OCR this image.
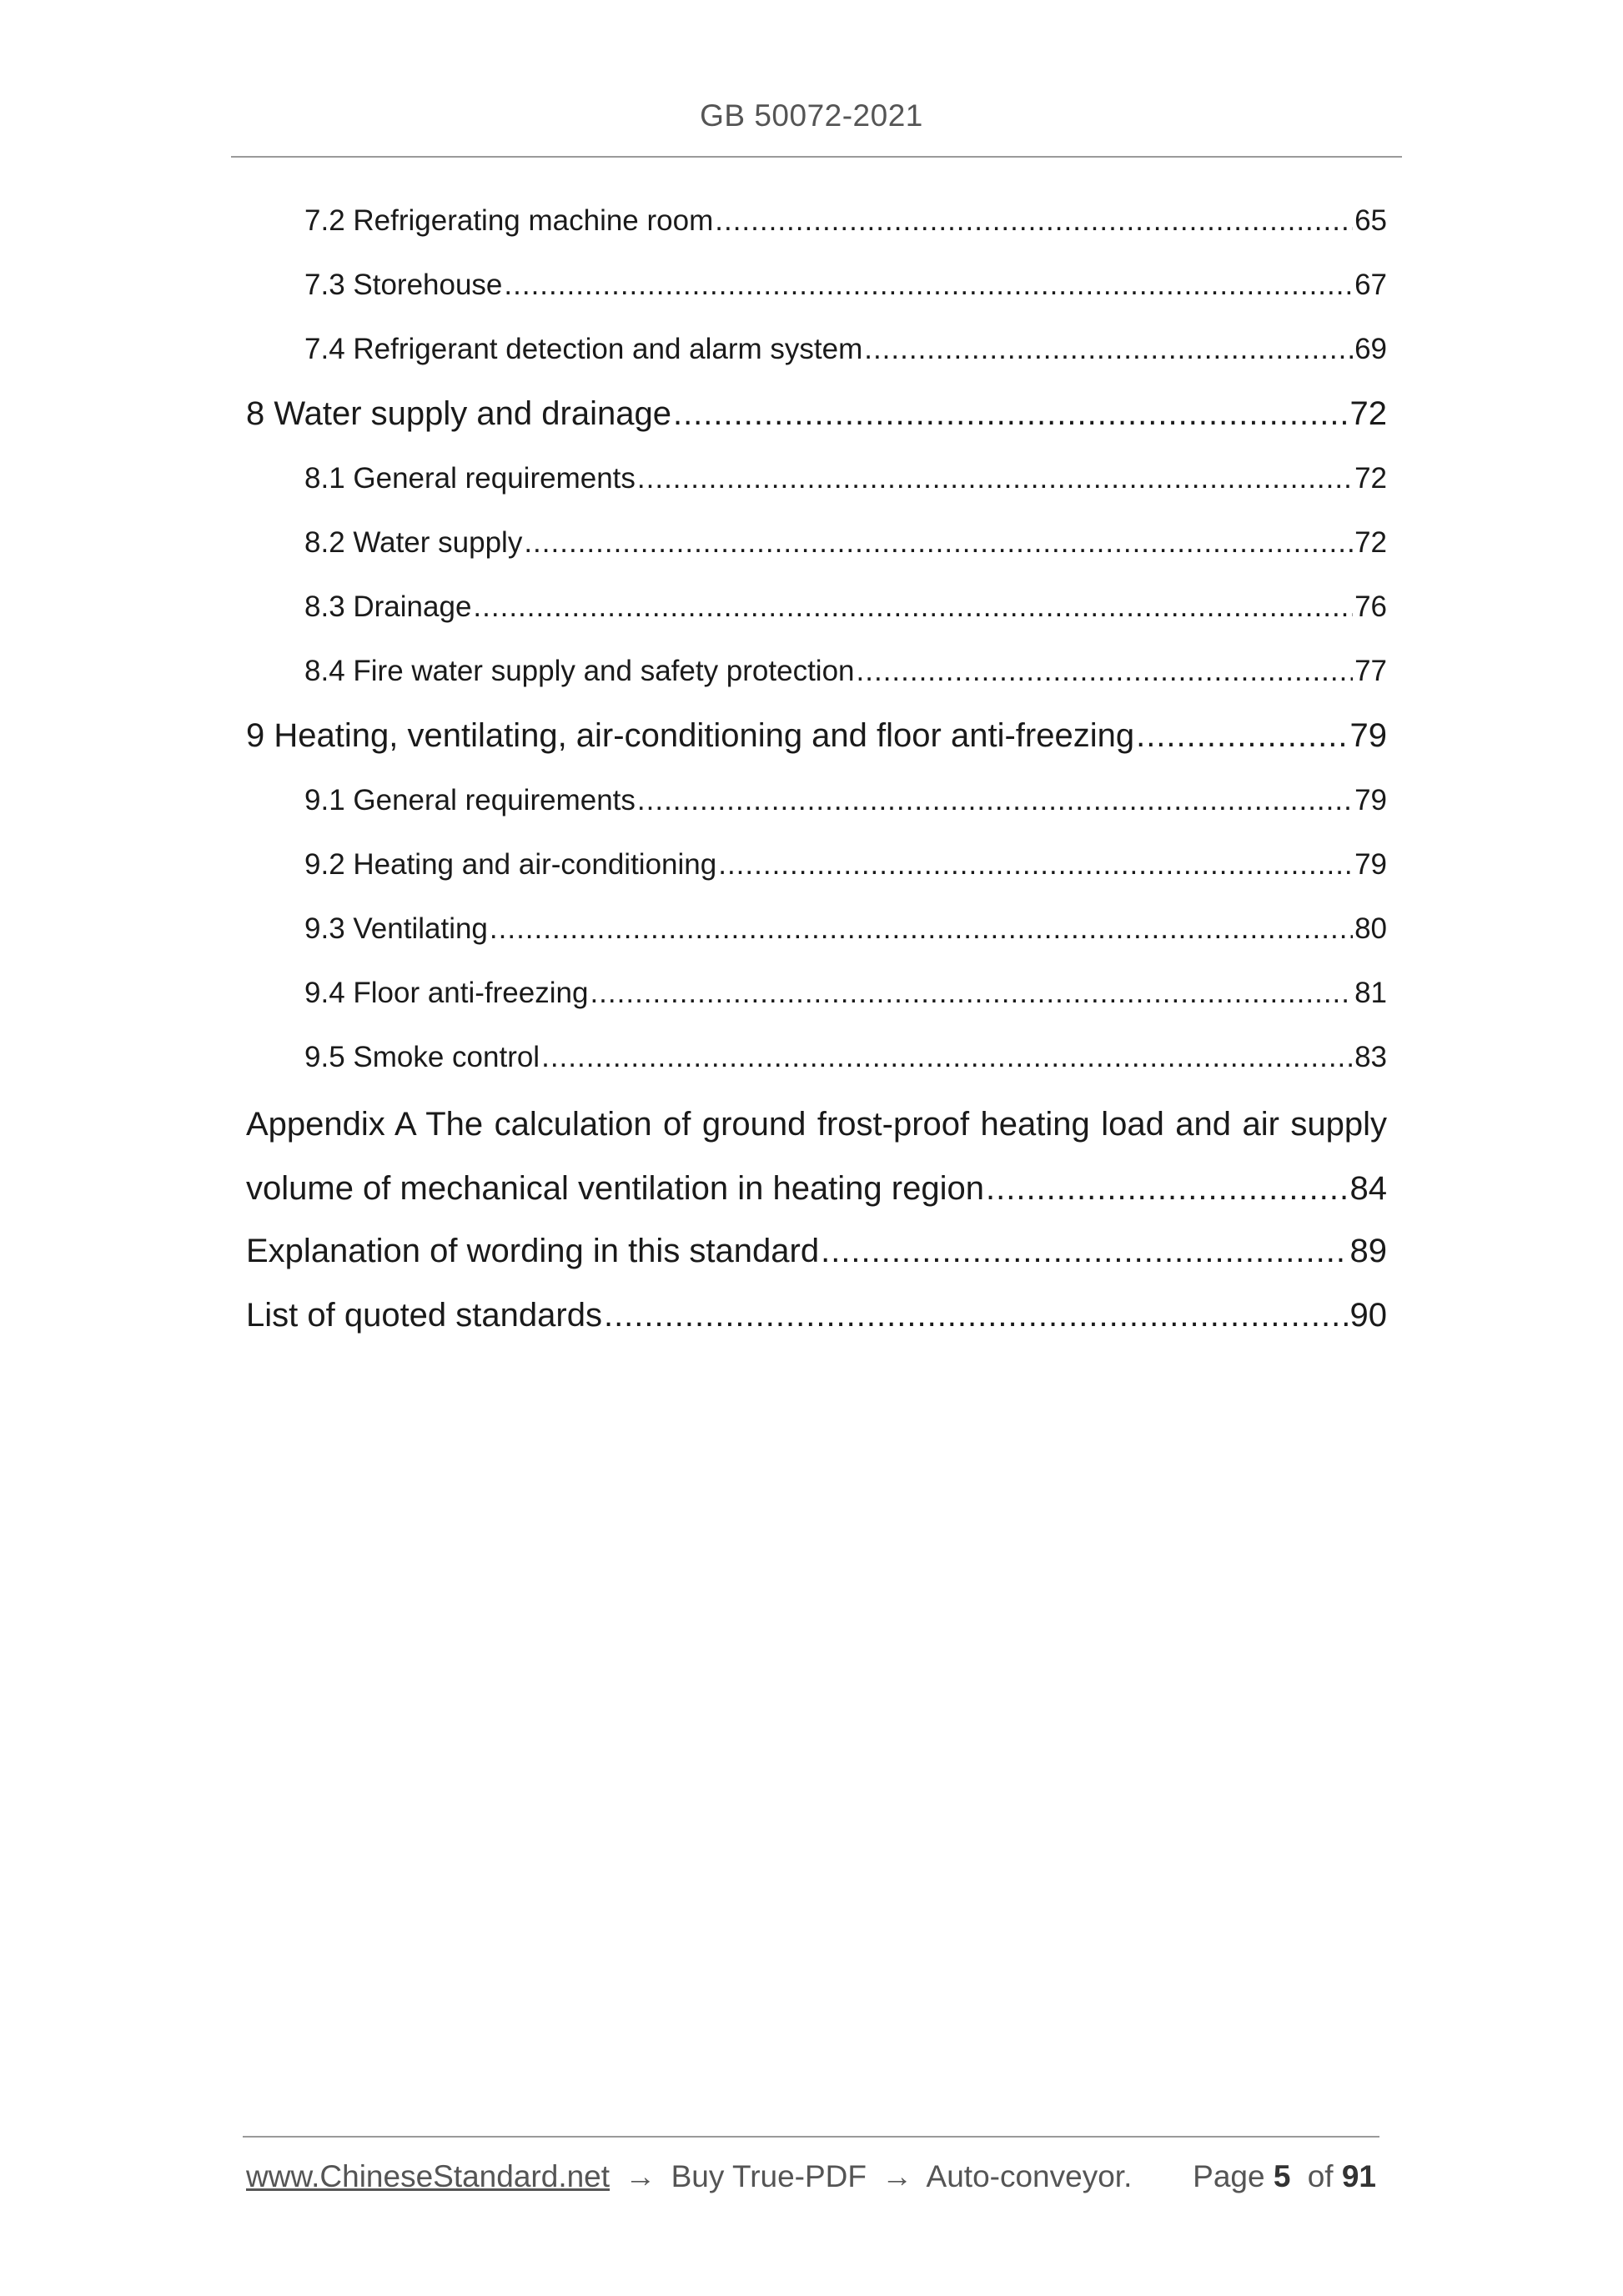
GB 50072-2021
7.2 Refrigerating machine room .....	65
7.3 Storehouse .....	67
7.4 Refrigerant detection and alarm system .....	69
8 Water supply and drainage .....	72
8.1 General requirements .....	72
8.2 Water supply .....	72
8.3 Drainage .....	76
8.4 Fire water supply and safety protection .....	77
9 Heating, ventilating, air-conditioning and floor anti-freezing .....	79
9.1 General requirements .....	79
9.2 Heating and air-conditioning .....	79
9.3 Ventilating .....	80
9.4 Floor anti-freezing .....	81
9.5 Smoke control .....	83
Appendix A The calculation of ground frost-proof heating load and air supply
volume of mechanical ventilation in heating region .....	84
Explanation of wording in this standard .....	89
List of quoted standards .....	90
www.ChineseStandard.net → Buy True-PDF → Auto-conveyor. Page 5 of 91
